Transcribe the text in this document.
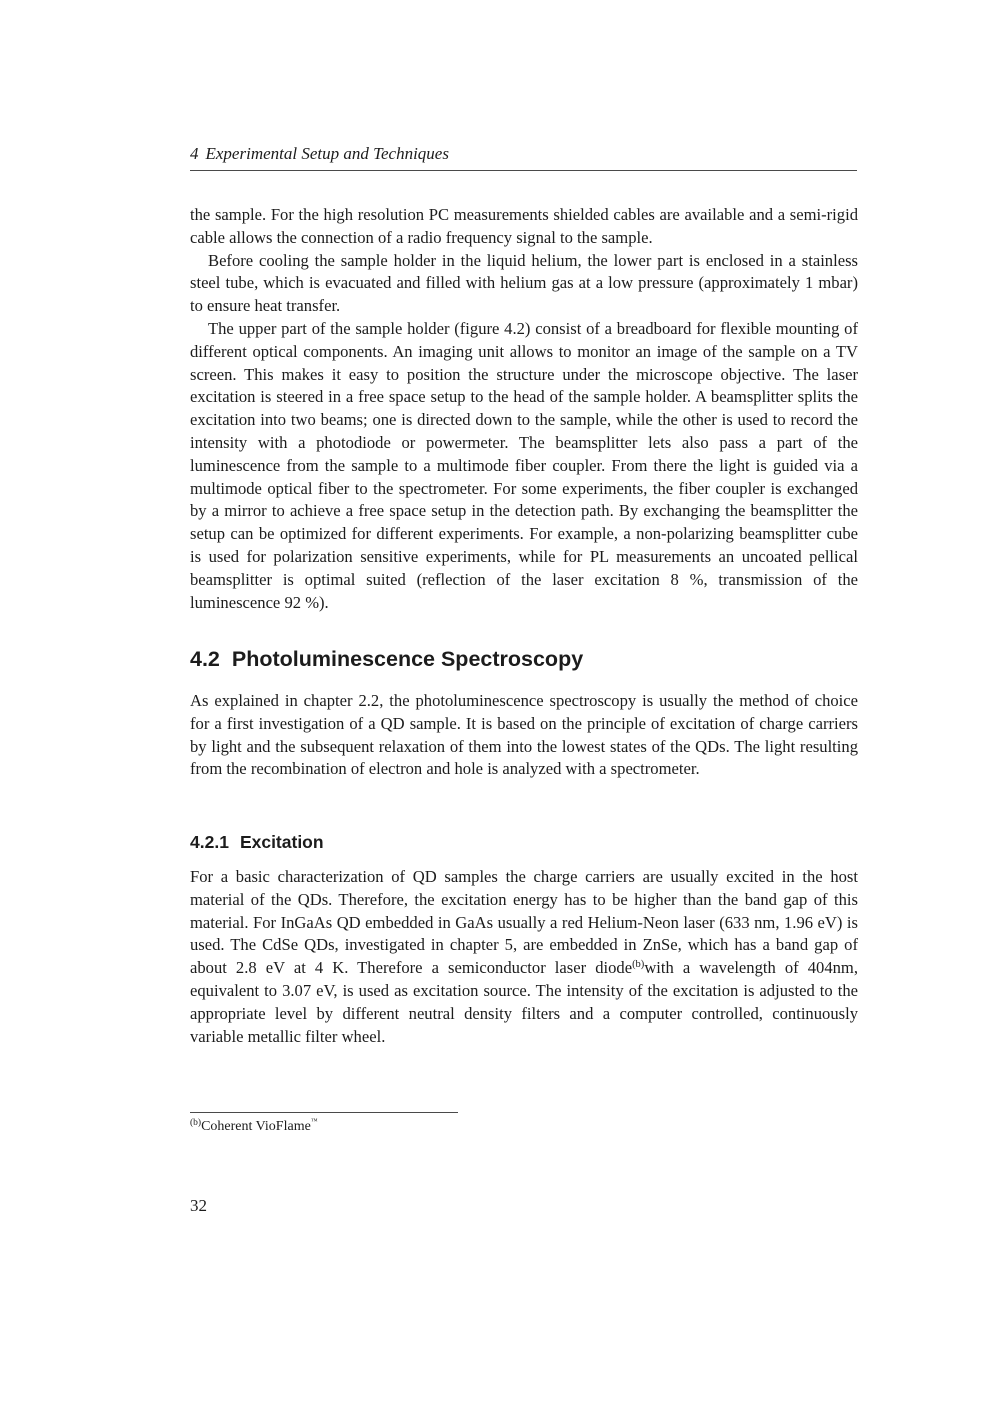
4 Experimental Setup and Techniques

the sample. For the high resolution PC measurements shielded cables are available and a semi-rigid cable allows the connection of a radio frequency signal to the sample.

Before cooling the sample holder in the liquid helium, the lower part is enclosed in a stainless steel tube, which is evacuated and filled with helium gas at a low pressure (approximately 1 mbar) to ensure heat transfer.

The upper part of the sample holder (figure 4.2) consist of a breadboard for flexible mounting of different optical components. An imaging unit allows to monitor an image of the sample on a TV screen. This makes it easy to position the structure under the microscope objective. The laser excitation is steered in a free space setup to the head of the sample holder. A beamsplitter splits the excitation into two beams; one is directed down to the sample, while the other is used to record the intensity with a photodiode or powermeter. The beamsplitter lets also pass a part of the luminescence from the sample to a multimode fiber coupler. From there the light is guided via a multimode optical fiber to the spectrometer. For some experiments, the fiber coupler is exchanged by a mirror to achieve a free space setup in the detection path. By exchanging the beamsplitter the setup can be optimized for different experiments. For example, a non-polarizing beamsplitter cube is used for polarization sensitive experiments, while for PL measurements an uncoated pellical beamsplitter is optimal suited (reflection of the laser excitation 8 %, transmission of the luminescence 92 %).

4.2 Photoluminescence Spectroscopy

As explained in chapter 2.2, the photoluminescence spectroscopy is usually the method of choice for a first investigation of a QD sample. It is based on the principle of excitation of charge carriers by light and the subsequent relaxation of them into the lowest states of the QDs. The light resulting from the recombination of electron and hole is analyzed with a spectrometer.

4.2.1 Excitation

For a basic characterization of QD samples the charge carriers are usually excited in the host material of the QDs. Therefore, the excitation energy has to be higher than the band gap of this material. For InGaAs QD embedded in GaAs usually a red Helium-Neon laser (633 nm, 1.96 eV) is used. The CdSe QDs, investigated in chapter 5, are embedded in ZnSe, which has a band gap of about 2.8 eV at 4 K. Therefore a semiconductor laser diode$^{(b)}$with a wavelength of 404nm, equivalent to 3.07 eV, is used as excitation source. The intensity of the excitation is adjusted to the appropriate level by different neutral density filters and a computer controlled, continuously variable metallic filter wheel.

$^{(b)}$Coherent VioFlame™
32
